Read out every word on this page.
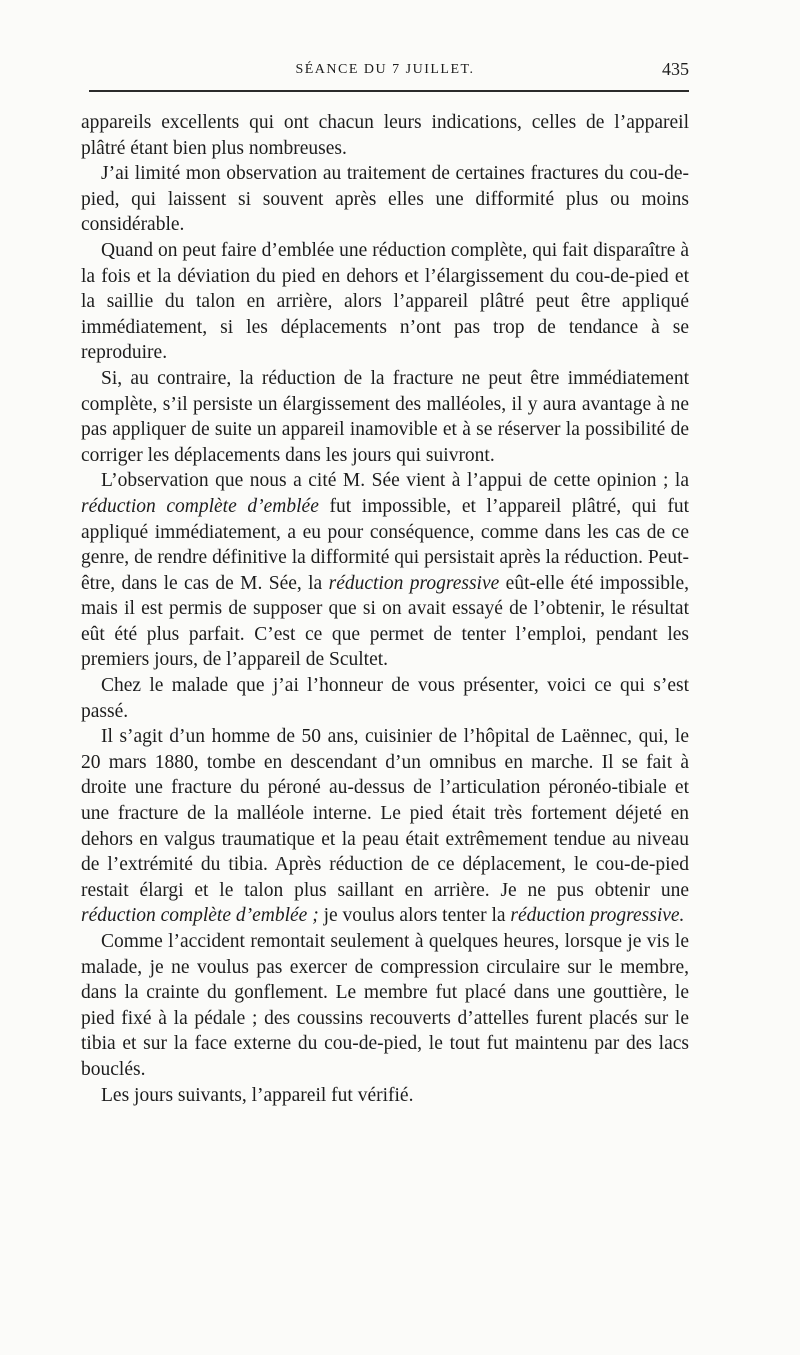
SÉANCE DU 7 JUILLET.	435

appareils excellents qui ont chacun leurs indications, celles de l’appareil plâtré étant bien plus nombreuses.

J’ai limité mon observation au traitement de certaines fractures du cou-de-pied, qui laissent si souvent après elles une difformité plus ou moins considérable.

Quand on peut faire d’emblée une réduction complète, qui fait disparaître à la fois et la déviation du pied en dehors et l’élargissement du cou-de-pied et la saillie du talon en arrière, alors l’appareil plâtré peut être appliqué immédiatement, si les déplacements n’ont pas trop de tendance à se reproduire.

Si, au contraire, la réduction de la fracture ne peut être immédiatement complète, s’il persiste un élargissement des malléoles, il y aura avantage à ne pas appliquer de suite un appareil inamovible et à se réserver la possibilité de corriger les déplacements dans les jours qui suivront.

L’observation que nous a cité M. Sée vient à l’appui de cette opinion ; la réduction complète d’emblée fut impossible, et l’appareil plâtré, qui fut appliqué immédiatement, a eu pour conséquence, comme dans les cas de ce genre, de rendre définitive la difformité qui persistait après la réduction. Peut-être, dans le cas de M. Sée, la réduction progressive eût-elle été impossible, mais il est permis de supposer que si on avait essayé de l’obtenir, le résultat eût été plus parfait. C’est ce que permet de tenter l’emploi, pendant les premiers jours, de l’appareil de Scultet.

Chez le malade que j’ai l’honneur de vous présenter, voici ce qui s’est passé.

Il s’agit d’un homme de 50 ans, cuisinier de l’hôpital de Laënnec, qui, le 20 mars 1880, tombe en descendant d’un omnibus en marche. Il se fait à droite une fracture du péroné au-dessus de l’articulation péronéo-tibiale et une fracture de la malléole interne. Le pied était très fortement déjeté en dehors en valgus traumatique et la peau était extrêmement tendue au niveau de l’extrémité du tibia. Après réduction de ce déplacement, le cou-de-pied restait élargi et le talon plus saillant en arrière. Je ne pus obtenir une réduction complète d’emblée ; je voulus alors tenter la réduction progressive.

Comme l’accident remontait seulement à quelques heures, lorsque je vis le malade, je ne voulus pas exercer de compression circulaire sur le membre, dans la crainte du gonflement. Le membre fut placé dans une gouttière, le pied fixé à la pédale ; des coussins recouverts d’attelles furent placés sur le tibia et sur la face externe du cou-de-pied, le tout fut maintenu par des lacs bouclés.

Les jours suivants, l’appareil fut vérifié.
